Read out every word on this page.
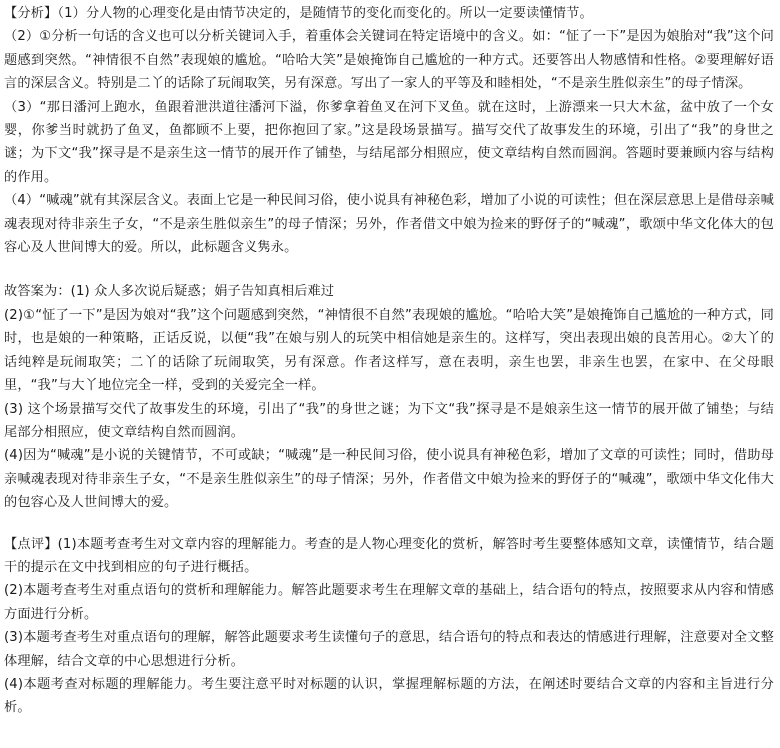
【分析】（1）分人物的心理变化是由情节决定的，是随情节的变化而变化的。所以一定要读懂情节。

（2）①分析一句话的含义也可以分析关键词入手，着重体会关键词在特定语境中的含义。如：“怔了一下”是因为娘胎对“我”这个问题感到突然。“神情很不自然”表现娘的尴尬。“哈哈大笑”是娘掩饰自己尴尬的一种方式。还要答出人物感情和性格。②要理解好语言的深层含义。特别是二丫的话除了玩闹取笑，另有深意。写出了一家人的平等及和睦相处，“不是亲生胜似亲生”的母子情深。

（3）“那日潘河上跑水，鱼跟着泄洪道往潘河下溢，你爹拿着鱼叉在河下叉鱼。就在这时，上游漂来一只大木盆，盆中放了一个女婴，你爹当时就扔了鱼叉，鱼都顾不上要，把你抱回了家。”这是段场景描写。描写交代了故事发生的环境，引出了“我”的身世之谜；为下文“我”探寻是不是亲生这一情节的展开作了铺垫，与结尾部分相照应，使文章结构自然而圆润。答题时要兼顾内容与结构的作用。

（4）“喊魂”就有其深层含义。表面上它是一种民间习俗，使小说具有神秘色彩，增加了小说的可读性；但在深层意思上是借母亲喊魂表现对待非亲生子女，“不是亲生胜似亲生”的母子情深；另外，作者借文中娘为捡来的野伢子的“喊魂”，歌颂中华文化体大的包容心及人世间博大的爱。所以，此标题含义隽永。

故答案为：(1) 众人多次说后疑惑；娟子告知真相后难过

(2)①“怔了一下”是因为娘对“我”这个问题感到突然，“神情很不自然”表现娘的尴尬。“哈哈大笑”是娘掩饰自己尴尬的一种方式，同时，也是娘的一种策略，正话反说，以便“我”在娘与别人的玩笑中相信她是亲生的。这样写，突出表现出娘的良苦用心。②大丫的话纯粹是玩闹取笑；二丫的话除了玩闹取笑，另有深意。作者这样写，意在表明，亲生也罢，非亲生也罢，在家中、在父母眼里，“我”与大丫地位完全一样，受到的关爱完全一样。

(3) 这个场景描写交代了故事发生的环境，引出了“我”的身世之谜；为下文“我”探寻是不是娘亲生这一情节的展开做了铺垫；与结尾部分相照应，使文章结构自然而圆润。

(4)因为“喊魂”是小说的关键情节，不可或缺；“喊魂”是一种民间习俗，使小说具有神秘色彩，增加了文章的可读性；同时，借助母亲喊魂表现对待非亲生子女，“不是亲生胜似亲生”的母子情深；另外，作者借文中娘为捡来的野伢子的“喊魂”，歌颂中华文化伟大的包容心及人世间博大的爱。

【点评】(1)本题考查考生对文章内容的理解能力。考查的是人物心理变化的赏析，解答时考生要整体感知文章，读懂情节，结合题干的提示在文中找到相应的句子进行概括。

(2)本题考查考生对重点语句的赏析和理解能力。解答此题要求考生在理解文章的基础上，结合语句的特点，按照要求从内容和情感方面进行分析。

(3)本题考查考生对重点语句的理解，解答此题要求考生读懂句子的意思，结合语句的特点和表达的情感进行理解，注意要对全文整体理解，结合文章的中心思想进行分析。

(4)本题考查对标题的理解能力。考生要注意平时对标题的认识，掌握理解标题的方法，在阐述时要结合文章的内容和主旨进行分析。
